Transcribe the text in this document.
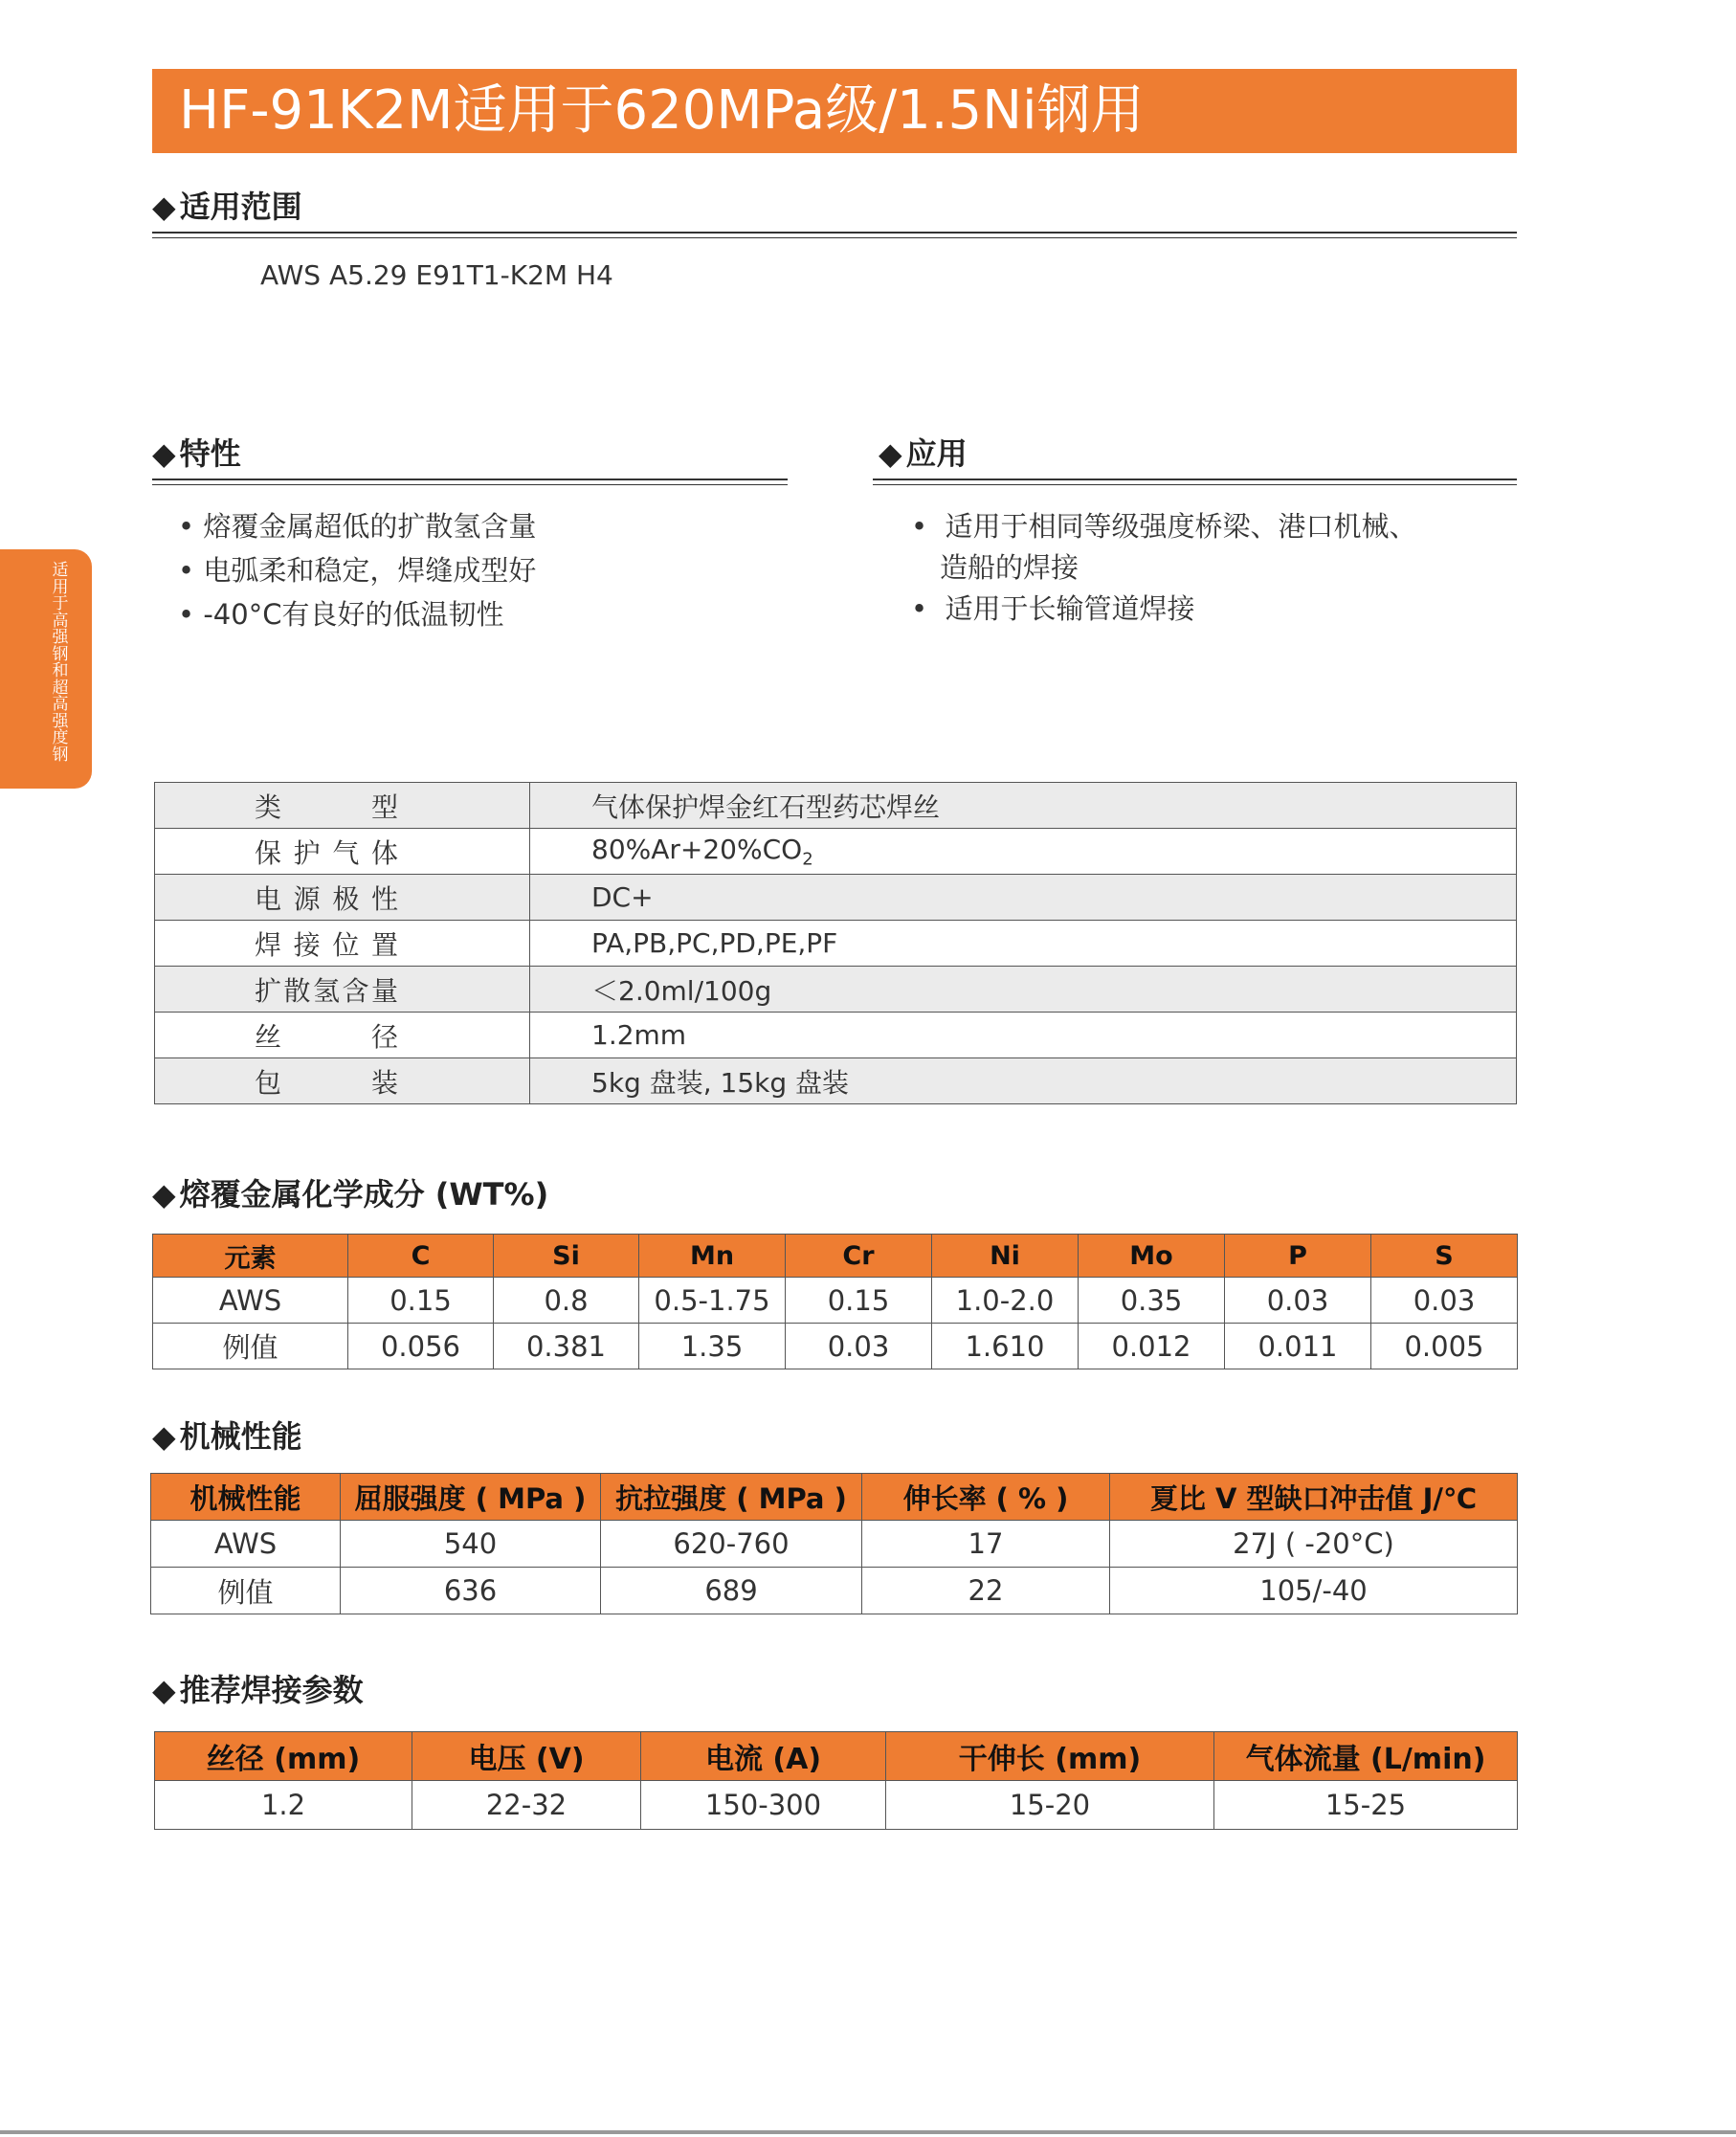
HF-91K2M适用于620MPa级/1.5Ni钢用
适用于高强钢和超高强度钢
◆ 适用范围
AWS A5.29 E91T1-K2M H4
◆ 特性
• 熔覆金属超低的扩散氢含量
• 电弧柔和稳定，焊缝成型好
• -40°C有良好的低温韧性
◆ 应用
•  适用于相同等级强度桥梁、港口机械、
造船的焊接
•  适用于长输管道焊接
类型	气体保护焊金红石型药芯焊丝

保护气体	$80\%Ar+20\%CO_2$

电源极性	DC+

焊接位置	PA,PB,PC,PD,PE,PF

扩散氢含量	＜2.0ml/100g

丝径	1.2mm

包装	5kg 盘装, 15kg 盘装
◆ 熔覆金属化学成分 (WT%)
元素	C	Si	Mn	Cr	Ni	Mo	P	S
AWS	0.15	0.8	0.5-1.75	0.15	1.0-2.0	0.35	0.03	0.03
例值	0.056	0.381	1.35	0.03	1.610	0.012	0.011	0.005
◆ 机械性能
机械性能	屈服强度 ( MPa )	抗拉强度 ( MPa )	伸长率 ( % )	夏比 V 型缺口冲击值 J/℃
AWS	540	620-760	17	27J ( -20°C)
例值	636	689	22	105/-40
◆ 推荐焊接参数
丝径 (mm)	电压 (V)	电流 (A)	干伸长 (mm)	气体流量 (L/min)
1.2	22-32	150-300	15-20	15-25
